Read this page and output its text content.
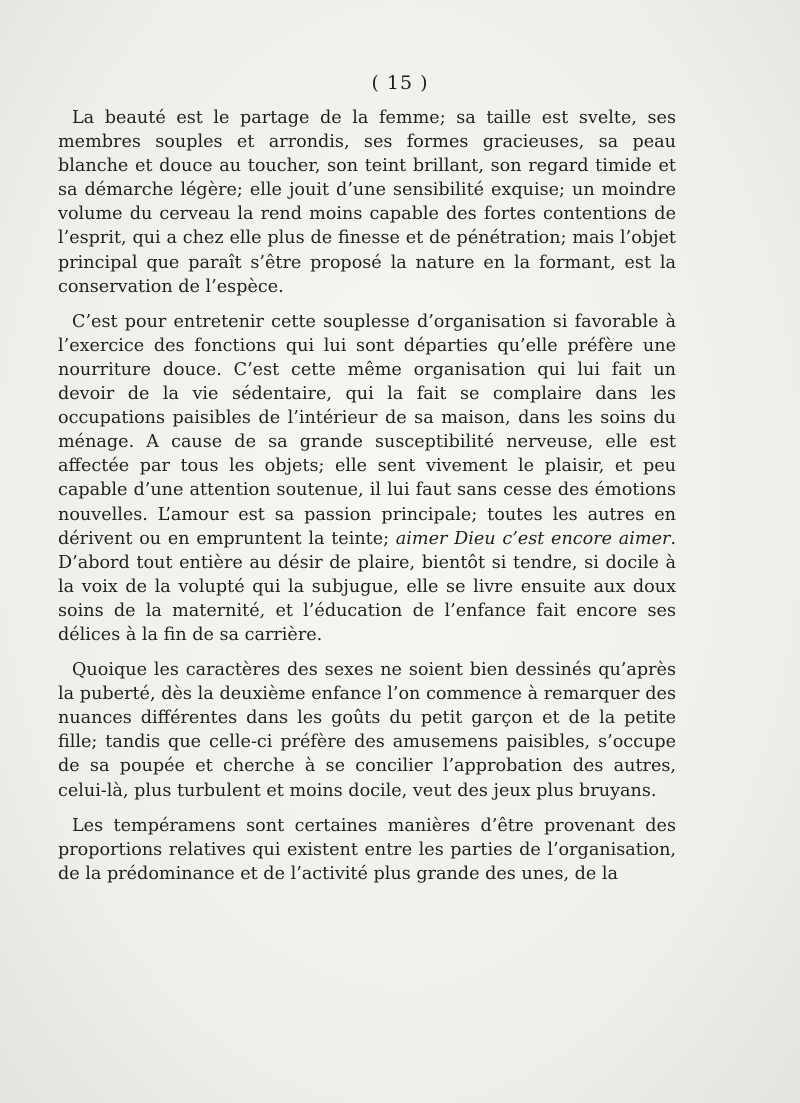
( 15 )

La beauté est le partage de la femme; sa taille est svelte, ses membres souples et arrondis, ses formes gracieuses, sa peau blanche et douce au toucher, son teint brillant, son regard timide et sa démarche légère; elle jouit d’une sensibilité exquise; un moindre volume du cerveau la rend moins capable des fortes contentions de l’esprit, qui a chez elle plus de finesse et de pénétration; mais l’objet principal que paraît s’être proposé la nature en la formant, est la conservation de l’espèce.

C’est pour entretenir cette souplesse d’organisation si favorable à l’exercice des fonctions qui lui sont départies qu’elle préfère une nourriture douce. C’est cette même organisation qui lui fait un devoir de la vie sédentaire, qui la fait se complaire dans les occupations paisibles de l’intérieur de sa maison, dans les soins du ménage. A cause de sa grande susceptibilité nerveuse, elle est affectée par tous les objets; elle sent vivement le plaisir, et peu capable d’une attention soutenue, il lui faut sans cesse des émotions nouvelles. L’amour est sa passion principale; toutes les autres en dérivent ou en empruntent la teinte; aimer Dieu c’est encore aimer. D’abord tout entière au désir de plaire, bientôt si tendre, si docile à la voix de la volupté qui la subjugue, elle se livre ensuite aux doux soins de la maternité, et l’éducation de l’enfance fait encore ses délices à la fin de sa carrière.

Quoique les caractères des sexes ne soient bien dessinés qu’après la puberté, dès la deuxième enfance l’on commence à remarquer des nuances différentes dans les goûts du petit garçon et de la petite fille; tandis que celle-ci préfère des amusemens paisibles, s’occupe de sa poupée et cherche à se concilier l’approbation des autres, celui-là, plus turbulent et moins docile, veut des jeux plus bruyans.

Les tempéramens sont certaines manières d’être provenant des proportions relatives qui existent entre les parties de l’organisation, de la prédominance et de l’activité plus grande des unes, de la
